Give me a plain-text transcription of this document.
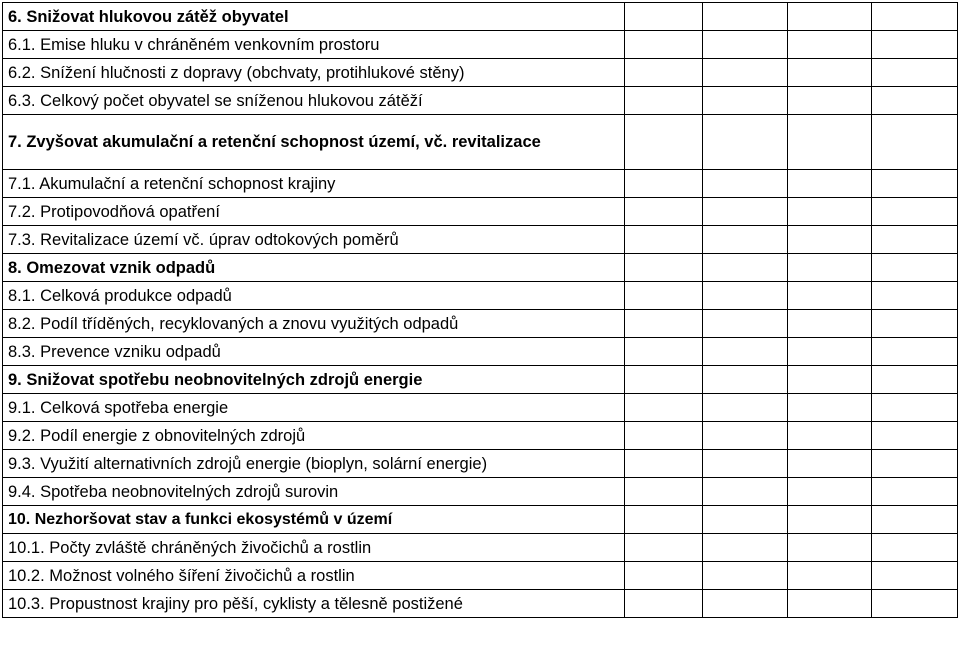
6. Snižovat hlukovou zátěž obyvatel				
6.1. Emise hluku v chráněném venkovním prostoru				
6.2. Snížení hlučnosti z dopravy (obchvaty, protihlukové stěny)				
6.3. Celkový počet obyvatel se sníženou hlukovou zátěží				
7. Zvyšovat akumulační a retenční schopnost území, vč. revitalizace				
7.1. Akumulační a retenční schopnost krajiny				
7.2. Protipovodňová opatření				
7.3. Revitalizace území vč. úprav odtokových poměrů				
8. Omezovat vznik odpadů				
8.1. Celková produkce odpadů				
8.2. Podíl tříděných, recyklovaných a znovu využitých odpadů				
8.3. Prevence vzniku odpadů				
9. Snižovat spotřebu neobnovitelných zdrojů energie				
9.1. Celková spotřeba energie				
9.2. Podíl energie z obnovitelných zdrojů				
9.3. Využití alternativních zdrojů energie (bioplyn, solární energie)				
9.4. Spotřeba neobnovitelných zdrojů surovin				
10. Nezhoršovat stav a funkci ekosystémů v území				
10.1. Počty zvláště chráněných živočichů a rostlin				
10.2. Možnost volného šíření živočichů a rostlin				
10.3. Propustnost krajiny pro pěší, cyklisty a tělesně postižené				
